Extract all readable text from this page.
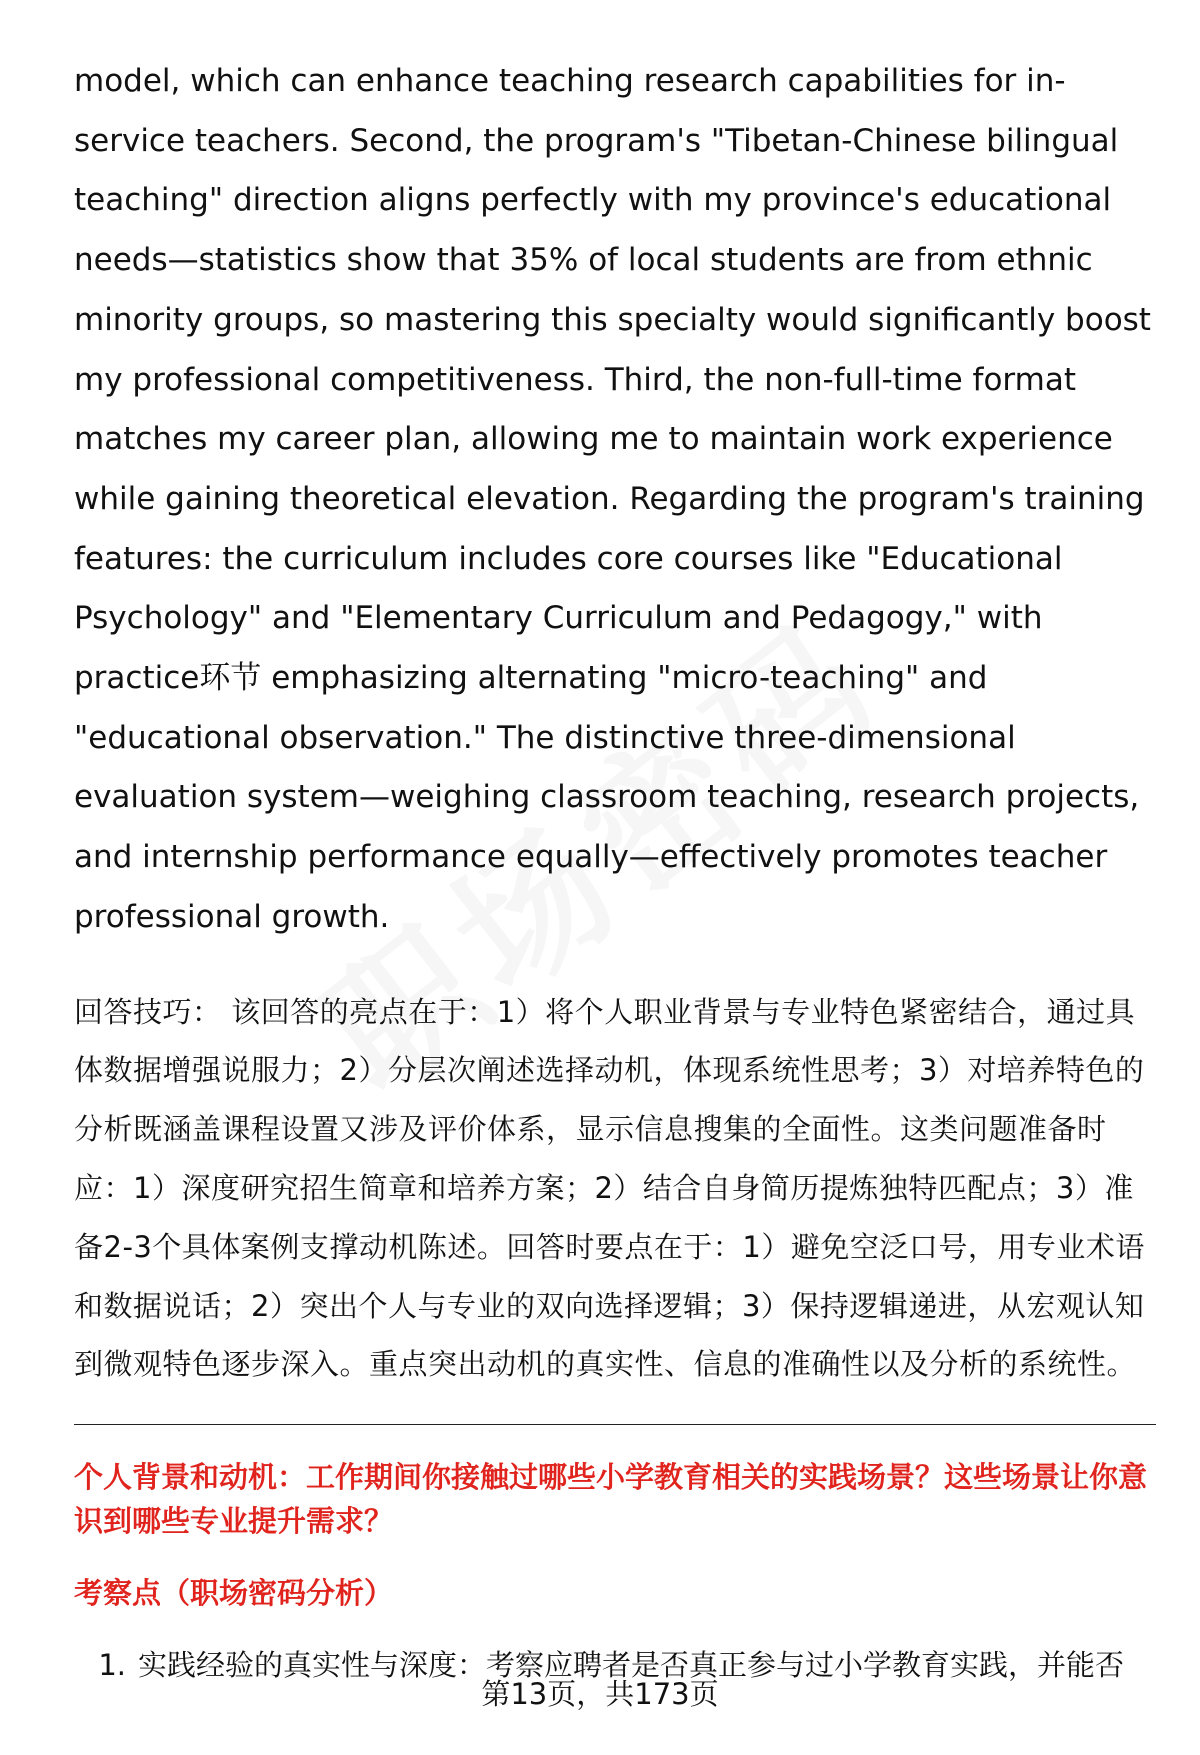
model, which can enhance teaching research capabilities for in-service teachers. Second, the program's "Tibetan-Chinese bilingual teaching" direction aligns perfectly with my province's educational needs—statistics show that 35% of local students are from ethnic minority groups, so mastering this specialty would significantly boost my professional competitiveness. Third, the non-full-time format matches my career plan, allowing me to maintain work experience while gaining theoretical elevation. Regarding the program's training features: the curriculum includes core courses like "Educational Psychology" and "Elementary Curriculum and Pedagogy," with practice环节 emphasizing alternating "micro-teaching" and "educational observation." The distinctive three-dimensional evaluation system—weighing classroom teaching, research projects, and internship performance equally—effectively promotes teacher professional growth.

回答技巧： 该回答的亮点在于：1）将个人职业背景与专业特色紧密结合，通过具体数据增强说服力；2）分层次阐述选择动机，体现系统性思考；3）对培养特色的分析既涵盖课程设置又涉及评价体系，显示信息搜集的全面性。这类问题准备时应：1）深度研究招生简章和培养方案；2）结合自身简历提炼独特匹配点；3）准备2-3个具体案例支撑动机陈述。回答时要点在于：1）避免空泛口号，用专业术语和数据说话；2）突出个人与专业的双向选择逻辑；3）保持逻辑递进，从宏观认知到微观特色逐步深入。重点突出动机的真实性、信息的准确性以及分析的系统性。

个人背景和动机：工作期间你接触过哪些小学教育相关的实践场景？这些场景让你意识到哪些专业提升需求？
考察点（职场密码分析）
1. 实践经验的真实性与深度：考察应聘者是否真正参与过小学教育实践，并能否
第13页，共173页
